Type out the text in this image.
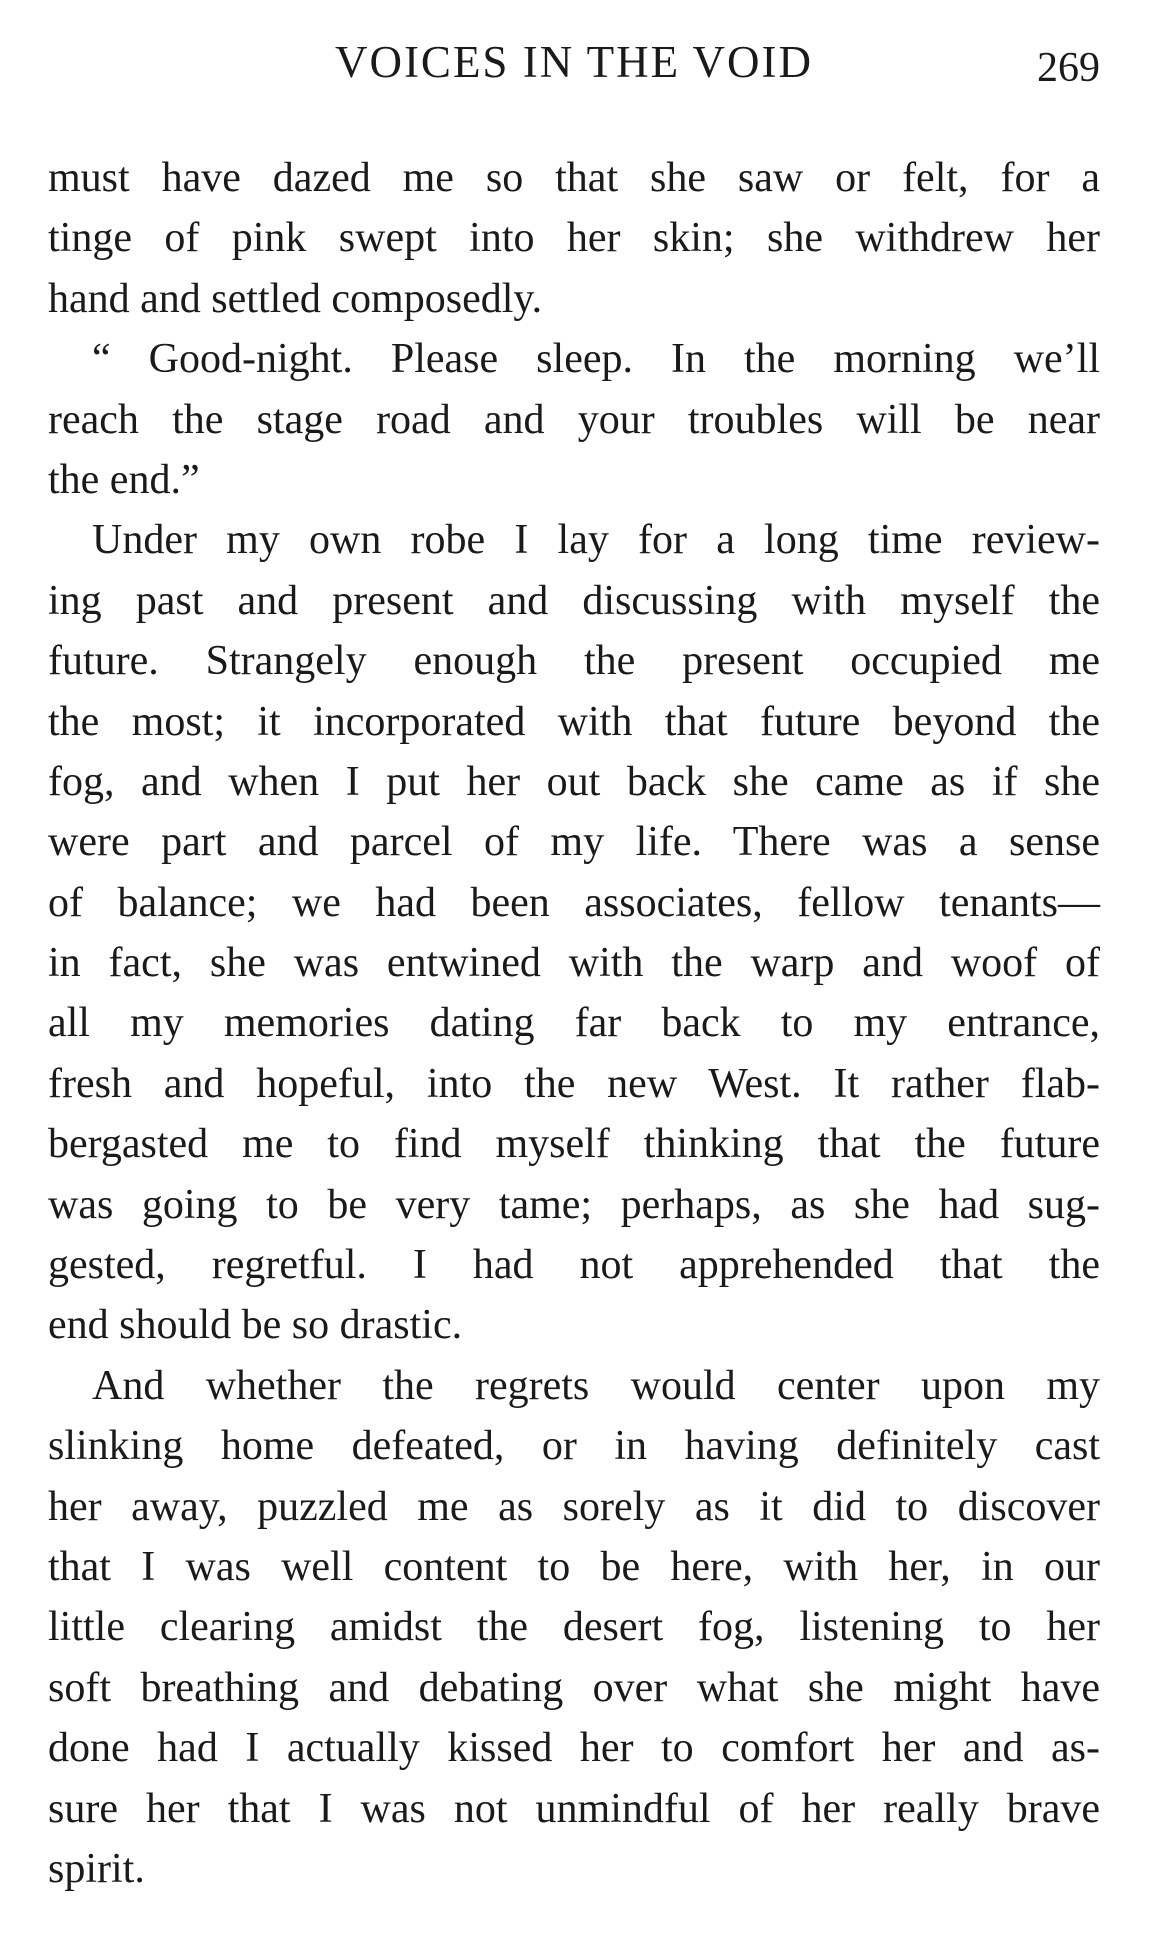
VOICES IN THE VOID	269
must have dazed me so that she saw or felt, for a
tinge of pink swept into her skin; she withdrew her
hand and settled composedly.
“ Good-night. Please sleep. In the morning we’ll
reach the stage road and your troubles will be near
the end.”
Under my own robe I lay for a long time review-
ing past and present and discussing with myself the
future. Strangely enough the present occupied me
the most; it incorporated with that future beyond the
fog, and when I put her out back she came as if she
were part and parcel of my life. There was a sense
of balance; we had been associates, fellow tenants—
in fact, she was entwined with the warp and woof of
all my memories dating far back to my entrance,
fresh and hopeful, into the new West. It rather flab-
bergasted me to find myself thinking that the future
was going to be very tame; perhaps, as she had sug-
gested, regretful. I had not apprehended that the
end should be so drastic.
And whether the regrets would center upon my
slinking home defeated, or in having definitely cast
her away, puzzled me as sorely as it did to discover
that I was well content to be here, with her, in our
little clearing amidst the desert fog, listening to her
soft breathing and debating over what she might have
done had I actually kissed her to comfort her and as-
sure her that I was not unmindful of her really brave
spirit.
